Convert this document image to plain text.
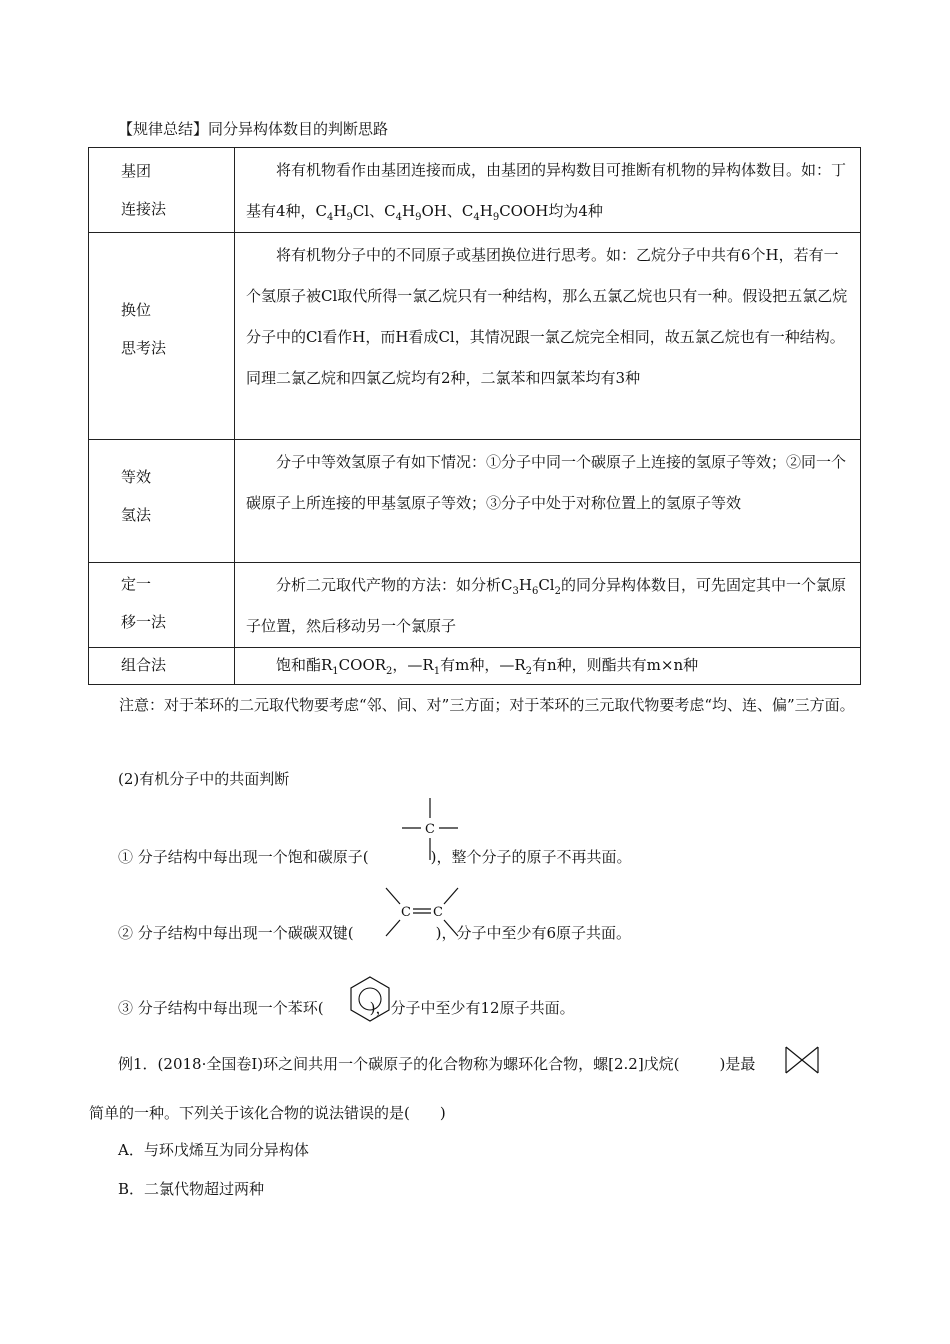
【规律总结】同分异构体数目的判断思路
基团
连接法	将有机物看作由基团连接而成，由基团的异构数目可推断有机物的异构体数目。如：丁基有4种，$C_4H_9Cl$、$C_4H_9OH$、$C_4H_9COOH$均为4种

换位
思考法	将有机物分子中的不同原子或基团换位进行思考。如：乙烷分子中共有6个H，若有一个氢原子被Cl取代所得一氯乙烷只有一种结构，那么五氯乙烷也只有一种。假设把五氯乙烷分子中的Cl看作H，而H看成Cl，其情况跟一氯乙烷完全相同，故五氯乙烷也有一种结构。同理二氯乙烷和四氯乙烷均有2种，二氯苯和四氯苯均有3种

等效
氢法	分子中等效氢原子有如下情况：①分子中同一个碳原子上连接的氢原子等效；②同一个碳原子上所连接的甲基氢原子等效；③分子中处于对称位置上的氢原子等效

定一
移一法	分析二元取代产物的方法：如分析$C_3H_6Cl_2$的同分异构体数目，可先固定其中一个氯原子位置，然后移动另一个氯原子

组合法	饱和酯$R_1COOR_2$，$—R_1$有m种，$—R_2$有n种，则酯共有m×n种
注意：对于苯环的二元取代物要考虑“邻、间、对”三方面；对于苯环的三元取代物要考虑“均、连、偏”三方面。
(2)有机分子中的共面判断
① 分子结构中每出现一个饱和碳原子(	)，整个分子的原子不再共面。
C
② 分子结构中每出现一个碳碳双键(	)，分子中至少有6原子共面。
C C
③ 分子结构中每出现一个苯环(	)，分子中至少有12原子共面。
例1．(2018·全国卷Ⅰ)环之间共用一个碳原子的化合物称为螺环化合物，螺[2.2]戊烷(	)是最
简单的一种。下列关于该化合物的说法错误的是(　　)
A．与环戊烯互为同分异构体
B．二氯代物超过两种
